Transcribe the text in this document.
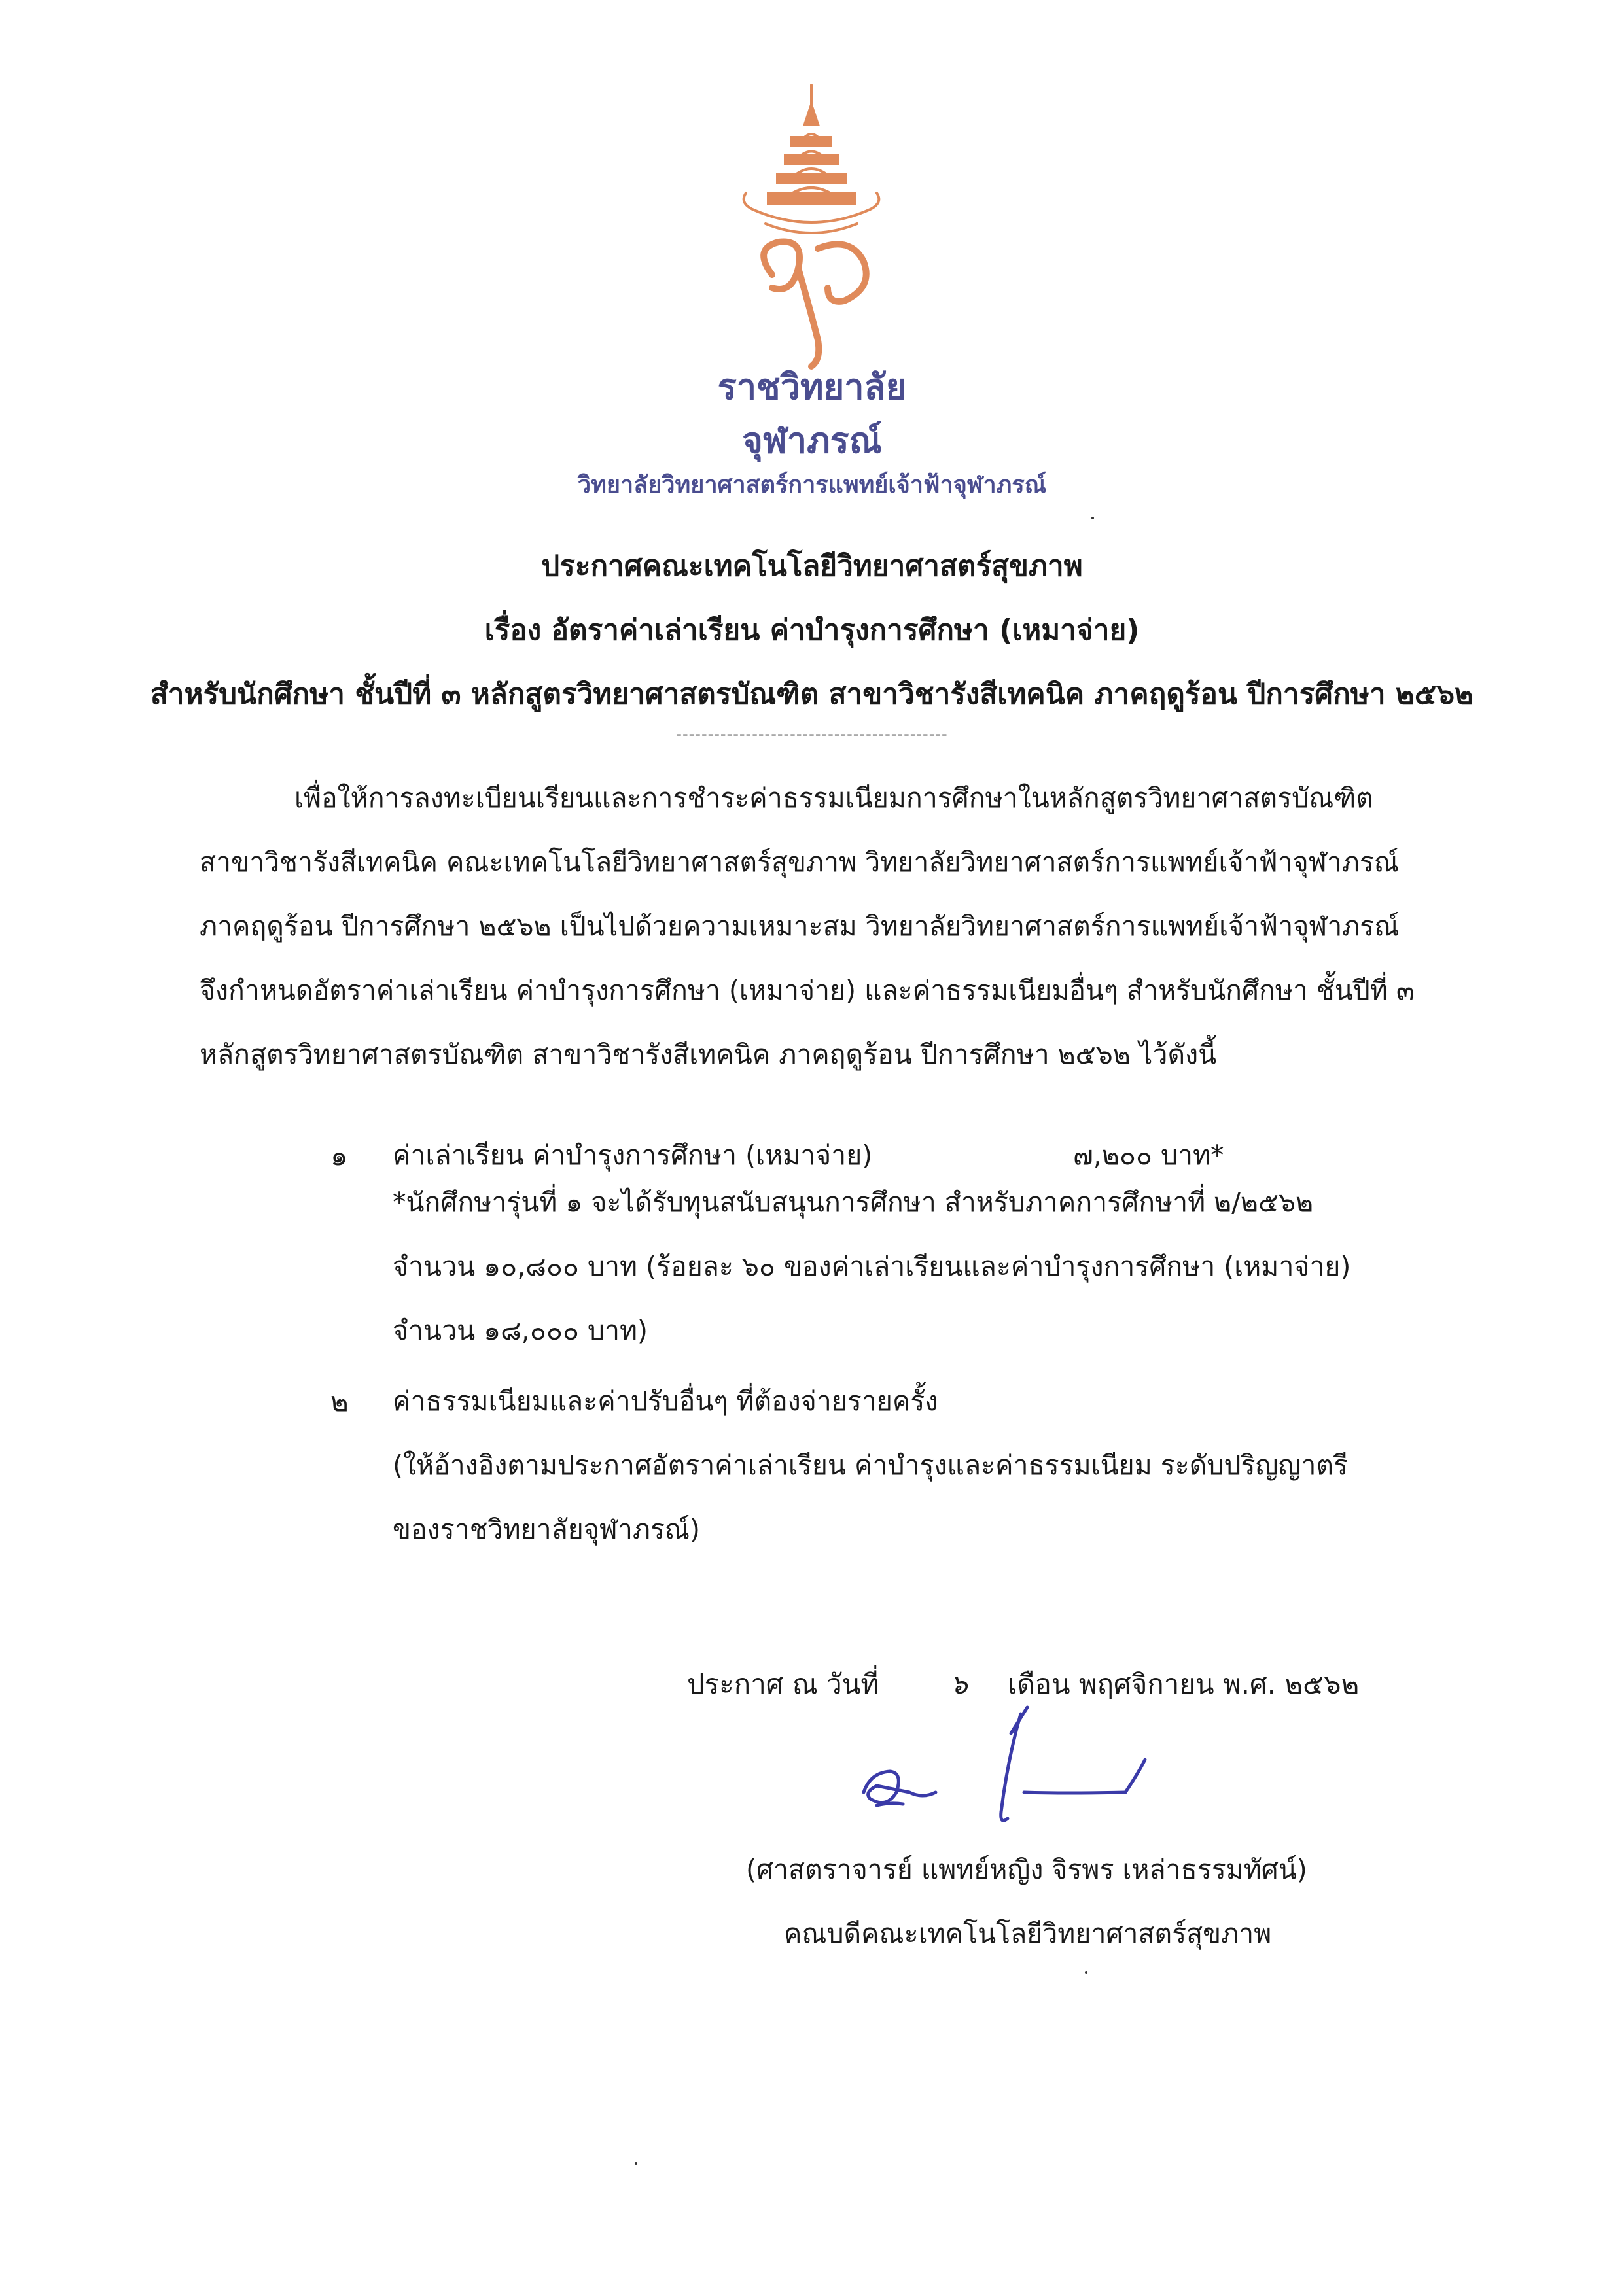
ราชวิทยาลัย
จุฬาภรณ์
วิทยาลัยวิทยาศาสตร์การแพทย์เจ้าฟ้าจุฬาภรณ์
ประกาศคณะเทคโนโลยีวิทยาศาสตร์สุขภาพ
เรื่อง อัตราค่าเล่าเรียน ค่าบำรุงการศึกษา (เหมาจ่าย)
สำหรับนักศึกษา ชั้นปีที่ ๓ หลักสูตรวิทยาศาสตรบัณฑิต สาขาวิชารังสีเทคนิค ภาคฤดูร้อน ปีการศึกษา ๒๕๖๒
เพื่อให้การลงทะเบียนเรียนและการชำระค่าธรรมเนียมการศึกษาในหลักสูตรวิทยาศาสตรบัณฑิต
สาขาวิชารังสีเทคนิค คณะเทคโนโลยีวิทยาศาสตร์สุขภาพ วิทยาลัยวิทยาศาสตร์การแพทย์เจ้าฟ้าจุฬาภรณ์
ภาคฤดูร้อน ปีการศึกษา ๒๕๖๒ เป็นไปด้วยความเหมาะสม วิทยาลัยวิทยาศาสตร์การแพทย์เจ้าฟ้าจุฬาภรณ์
จึงกำหนดอัตราค่าเล่าเรียน ค่าบำรุงการศึกษา (เหมาจ่าย) และค่าธรรมเนียมอื่นๆ สำหรับนักศึกษา ชั้นปีที่ ๓
หลักสูตรวิทยาศาสตรบัณฑิต สาขาวิชารังสีเทคนิค ภาคฤดูร้อน ปีการศึกษา ๒๕๖๒ ไว้ดังนี้
๑ ค่าเล่าเรียน ค่าบำรุงการศึกษา (เหมาจ่าย)	๗,๒๐๐ บาท*
*นักศึกษารุ่นที่ ๑ จะได้รับทุนสนับสนุนการศึกษา สำหรับภาคการศึกษาที่ ๒/๒๕๖๒
จำนวน ๑๐,๘๐๐ บาท (ร้อยละ ๖๐ ของค่าเล่าเรียนและค่าบำรุงการศึกษา (เหมาจ่าย)
จำนวน ๑๘,๐๐๐ บาท)
๒ ค่าธรรมเนียมและค่าปรับอื่นๆ ที่ต้องจ่ายรายครั้ง
(ให้อ้างอิงตามประกาศอัตราค่าเล่าเรียน ค่าบำรุงและค่าธรรมเนียม ระดับปริญญาตรี
ของราชวิทยาลัยจุฬาภรณ์)
ประกาศ ณ วันที่	๖ เดือน พฤศจิกายน พ.ศ. ๒๕๖๒
(ศาสตราจารย์ แพทย์หญิง จิรพร เหล่าธรรมทัศน์)
คณบดีคณะเทคโนโลยีวิทยาศาสตร์สุขภาพ
-------------------------------------------
